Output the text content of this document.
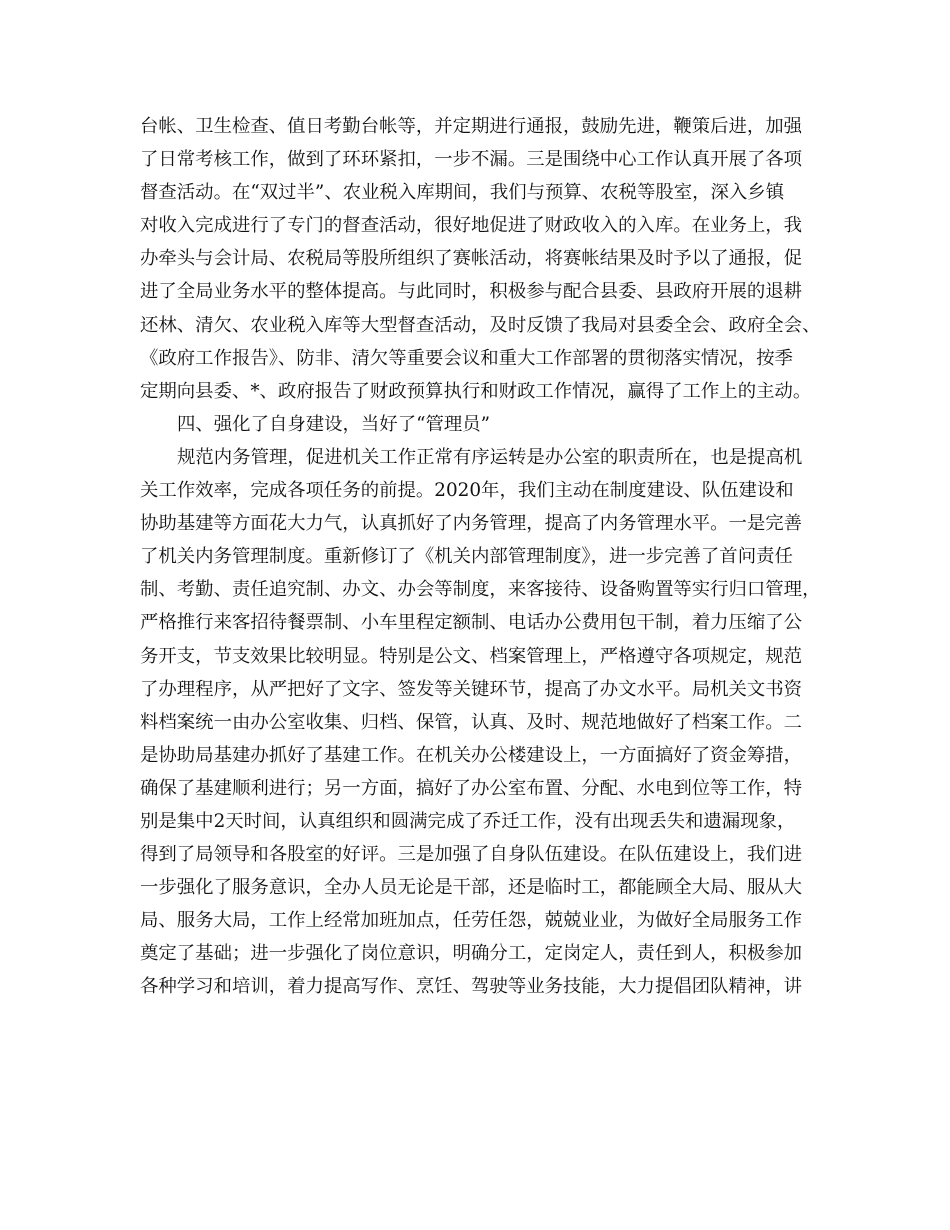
台帐、卫生检查、值日考勤台帐等，并定期进行通报，鼓励先进，鞭策后进，加强
了日常考核工作，做到了环环紧扣，一步不漏。三是围绕中心工作认真开展了各项
督查活动。在“双过半”、农业税入库期间，我们与预算、农税等股室，深入乡镇
对收入完成进行了专门的督查活动，很好地促进了财政收入的入库。在业务上，我
办牵头与会计局、农税局等股所组织了赛帐活动，将赛帐结果及时予以了通报，促
进了全局业务水平的整体提高。与此同时，积极参与配合县委、县政府开展的退耕
还林、清欠、农业税入库等大型督查活动，及时反馈了我局对县委全会、政府全会、
《政府工作报告》、防非、清欠等重要会议和重大工作部署的贯彻落实情况，按季
定期向县委、*、政府报告了财政预算执行和财政工作情况，赢得了工作上的主动。
四、强化了自身建设，当好了“管理员”
规范内务管理，促进机关工作正常有序运转是办公室的职责所在，也是提高机
关工作效率，完成各项任务的前提。2020年，我们主动在制度建设、队伍建设和
协助基建等方面花大力气，认真抓好了内务管理，提高了内务管理水平。一是完善
了机关内务管理制度。重新修订了《机关内部管理制度》，进一步完善了首问责任
制、考勤、责任追究制、办文、办会等制度，来客接待、设备购置等实行归口管理，
严格推行来客招待餐票制、小车里程定额制、电话办公费用包干制，着力压缩了公
务开支，节支效果比较明显。特别是公文、档案管理上，严格遵守各项规定，规范
了办理程序，从严把好了文字、签发等关键环节，提高了办文水平。局机关文书资
料档案统一由办公室收集、归档、保管，认真、及时、规范地做好了档案工作。二
是协助局基建办抓好了基建工作。在机关办公楼建设上，一方面搞好了资金筹措，
确保了基建顺利进行；另一方面，搞好了办公室布置、分配、水电到位等工作，特
别是集中2天时间，认真组织和圆满完成了乔迁工作，没有出现丢失和遗漏现象，
得到了局领导和各股室的好评。三是加强了自身队伍建设。在队伍建设上，我们进
一步强化了服务意识，全办人员无论是干部，还是临时工，都能顾全大局、服从大
局、服务大局，工作上经常加班加点，任劳任怨，兢兢业业，为做好全局服务工作
奠定了基础；进一步强化了岗位意识，明确分工，定岗定人，责任到人，积极参加
各种学习和培训，着力提高写作、烹饪、驾驶等业务技能，大力提倡团队精神，讲
